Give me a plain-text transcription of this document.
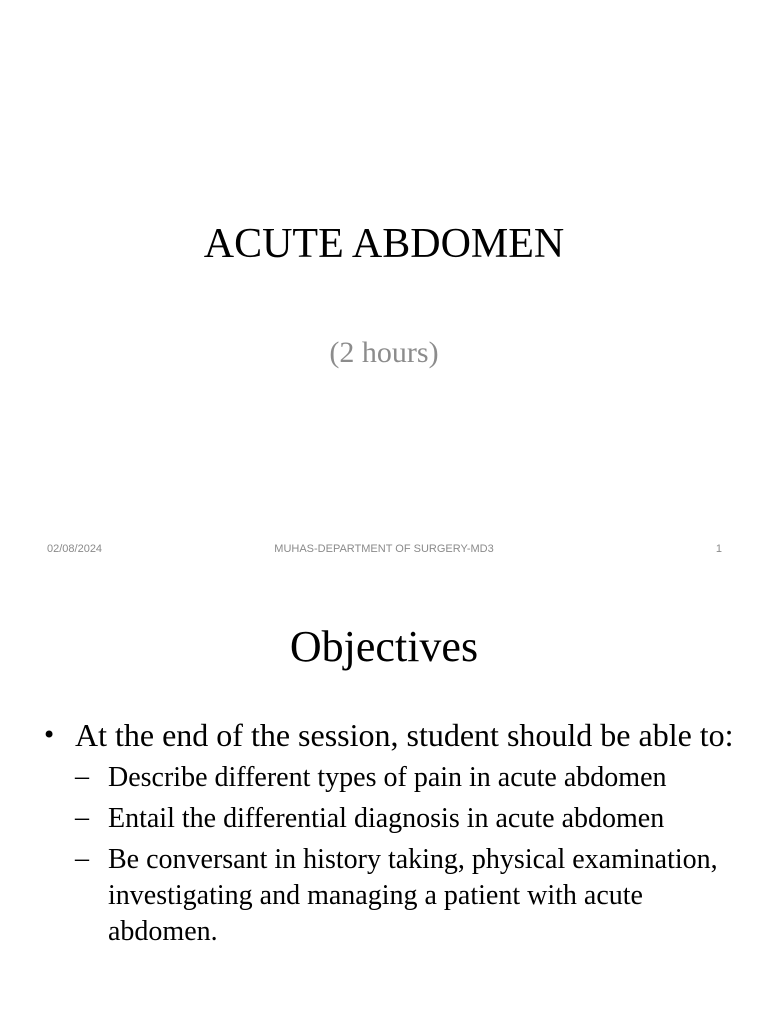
ACUTE ABDOMEN
(2 hours)
02/08/2024	MUHAS-DEPARTMENT OF SURGERY-MD3	1
Objectives
• At the end of the session, student should be able to:
– Describe different types of pain in acute abdomen
– Entail the differential diagnosis in acute abdomen
– Be conversant in history taking, physical examination, investigating and managing a patient with acute abdomen.
